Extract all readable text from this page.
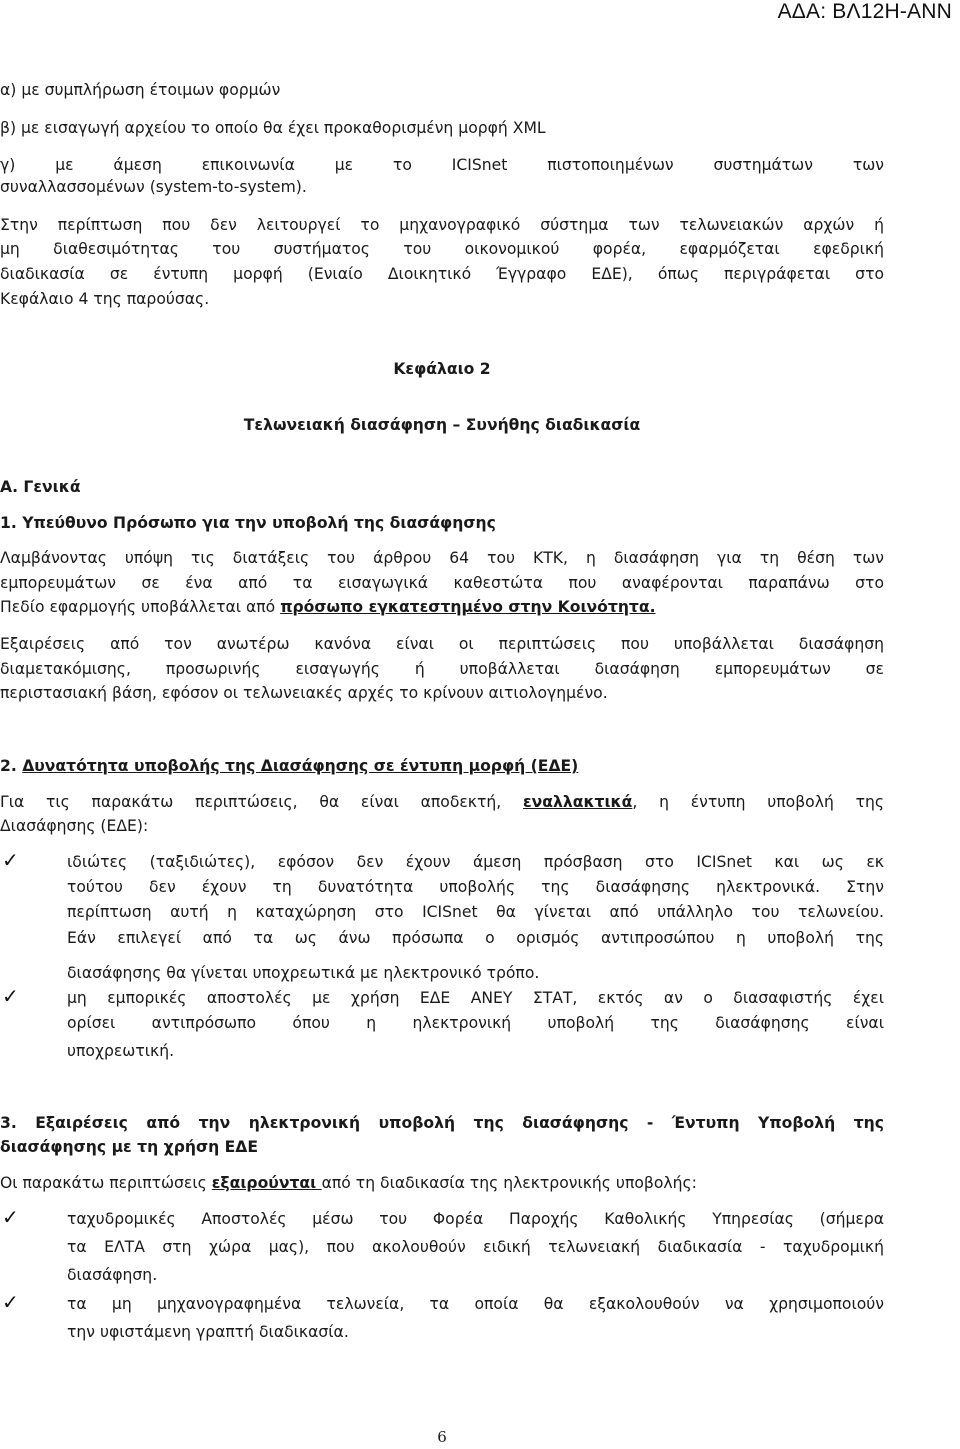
ΑΔΑ: ΒΛ12Η-ΑΝΝ
α) με συμπλήρωση έτοιμων φορμών
β) με εισαγωγή αρχείου το οποίο θα έχει προκαθορισμένη μορφή XML
γ) με άμεση επικοινωνία με το ICISnet πιστοποιημένων συστημάτων των
συναλλασσομένων (system-to-system).
Στην περίπτωση που δεν λειτουργεί το μηχανογραφικό σύστημα των τελωνειακών αρχών ή
μη διαθεσιμότητας του συστήματος του οικονομικού φορέα, εφαρμόζεται εφεδρική
διαδικασία σε έντυπη μορφή (Ενιαίο Διοικητικό Έγγραφο ΕΔΕ), όπως περιγράφεται στο
Κεφάλαιο 4 της παρούσας.
Κεφάλαιο 2
Τελωνειακή διασάφηση – Συνήθης διαδικασία
Α. Γενικά
1. Υπεύθυνο Πρόσωπο για την υποβολή της διασάφησης
Λαμβάνοντας υπόψη τις διατάξεις του άρθρου 64 του ΚΤΚ, η διασάφηση για τη θέση των
εμπορευμάτων σε ένα από τα εισαγωγικά καθεστώτα που αναφέρονται παραπάνω στο
Πεδίο εφαρμογής υποβάλλεται από πρόσωπο εγκατεστημένο στην Κοινότητα.
Εξαιρέσεις από τον ανωτέρω κανόνα είναι οι περιπτώσεις που υποβάλλεται διασάφηση
διαμετακόμισης, προσωρινής εισαγωγής ή υποβάλλεται διασάφηση εμπορευμάτων σε
περιστασιακή βάση, εφόσον οι τελωνειακές αρχές το κρίνουν αιτιολογημένο.
2. Δυνατότητα υποβολής της Διασάφησης σε έντυπη μορφή (ΕΔΕ)
Για τις παρακάτω περιπτώσεις, θα είναι αποδεκτή, εναλλακτικά, η έντυπη υποβολή της
Διασάφησης (ΕΔΕ):
✓	ιδιώτες (ταξιδιώτες), εφόσον δεν έχουν άμεση πρόσβαση στο ICISnet και ως εκ
τούτου δεν έχουν τη δυνατότητα υποβολής της διασάφησης ηλεκτρονικά. Στην
περίπτωση αυτή η καταχώρηση στο ICISnet θα γίνεται από υπάλληλο του τελωνείου.
Εάν επιλεγεί από τα ως άνω πρόσωπα ο ορισμός αντιπροσώπου η υποβολή της
διασάφησης θα γίνεται υποχρεωτικά με ηλεκτρονικό τρόπο.
✓	μη εμπορικές αποστολές με χρήση ΕΔΕ ΑΝΕΥ ΣΤΑΤ, εκτός αν ο διασαφιστής έχει
ορίσει αντιπρόσωπο όπου η ηλεκτρονική υποβολή της διασάφησης είναι
υποχρεωτική.
3. Εξαιρέσεις από την ηλεκτρονική υποβολή της διασάφησης - Έντυπη Υποβολή της
διασάφησης με τη χρήση ΕΔΕ
Οι παρακάτω περιπτώσεις εξαιρούνται από τη διαδικασία της ηλεκτρονικής υποβολής:
✓	ταχυδρομικές Αποστολές μέσω του Φορέα Παροχής Καθολικής Υπηρεσίας (σήμερα
τα ΕΛΤΑ στη χώρα μας), που ακολουθούν ειδική τελωνειακή διαδικασία - ταχυδρομική
διασάφηση.
✓	τα μη μηχανογραφημένα τελωνεία, τα οποία θα εξακολουθούν να χρησιμοποιούν
την υφιστάμενη γραπτή διαδικασία.
6
